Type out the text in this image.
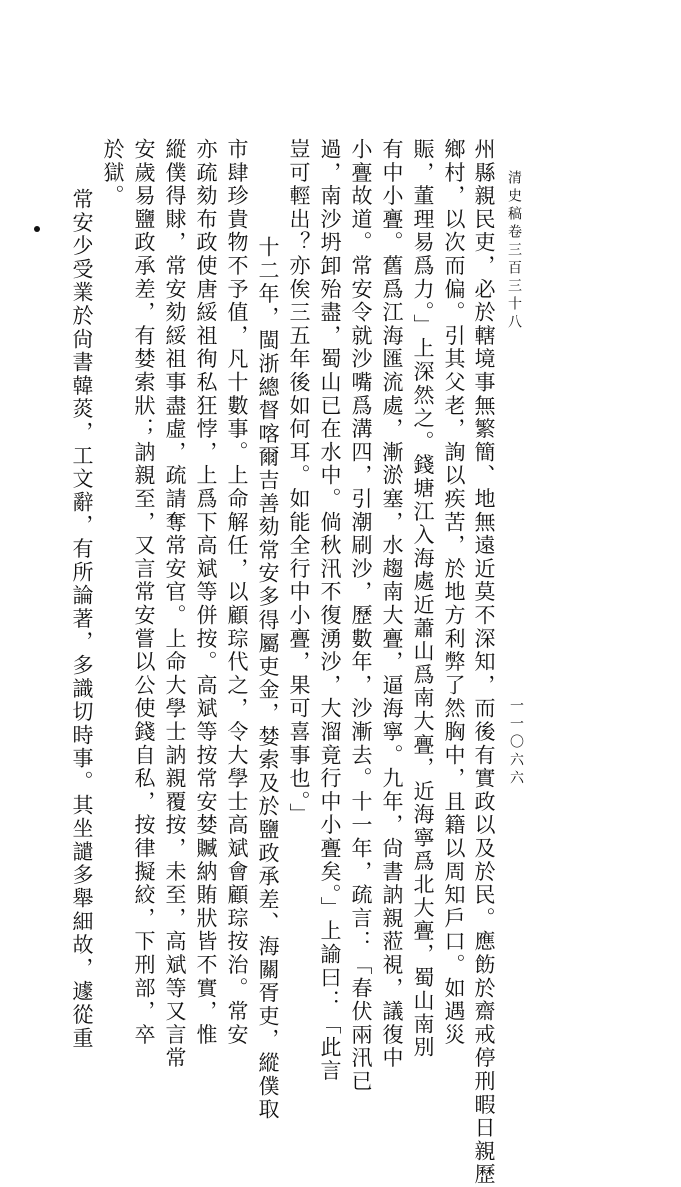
清史稿卷三百三十八
州縣親民吏，必於轄境事無繁簡、地無遠近莫不深知，而後有實政以及於民。應飭於齋戒停刑暇日親歷
鄉村，以次而偏。引其父老，詢以疾苦，於地方利弊了然胸中，且籍以周知戶口。如遇災
賑，董理易爲力。」上深然之。錢塘江入海處近蕭山爲南大亹，近海寧爲北大亹，蜀山南別
有中小亹。舊爲江海匯流處，漸淤塞，水趨南大亹，逼海寧。九年，尙書訥親蒞視，議復中
小亹故道。常安令就沙嘴爲溝四，引潮刷沙，歷數年，沙漸去。十一年，疏言：「春伏兩汛已
過，南沙坍卸殆盡，蜀山已在水中。倘秋汛不復湧沙，大溜竟行中小亹矣。」上諭曰：「此言
豈可輕出？亦俟三五年後如何耳。如能全行中小亹，果可喜事也。」
十二年，閩浙總督喀爾吉善劾常安多得屬吏金，婪索及於鹽政承差、海關胥吏，縱僕取
市肆珍貴物不予值，凡十數事。上命解任，以顧琮代之，令大學士高斌會顧琮按治。常安
亦疏劾布政使唐綏祖徇私狂悖，上爲下高斌等併按。高斌等按常安婪贓納賄狀皆不實，惟
縱僕得賕，常安劾綏祖事盡虛，疏請奪常安官。上命大學士訥親覆按，未至，高斌等又言常
安歲易鹽政承差，有婪索狀；訥親至，又言常安嘗以公使錢自私，按律擬絞，下刑部，卒
於獄。
常安少受業於尙書韓菼，工文辭，有所論著，多識切時事。其坐譴多舉細故，遽從重	一一〇六六
